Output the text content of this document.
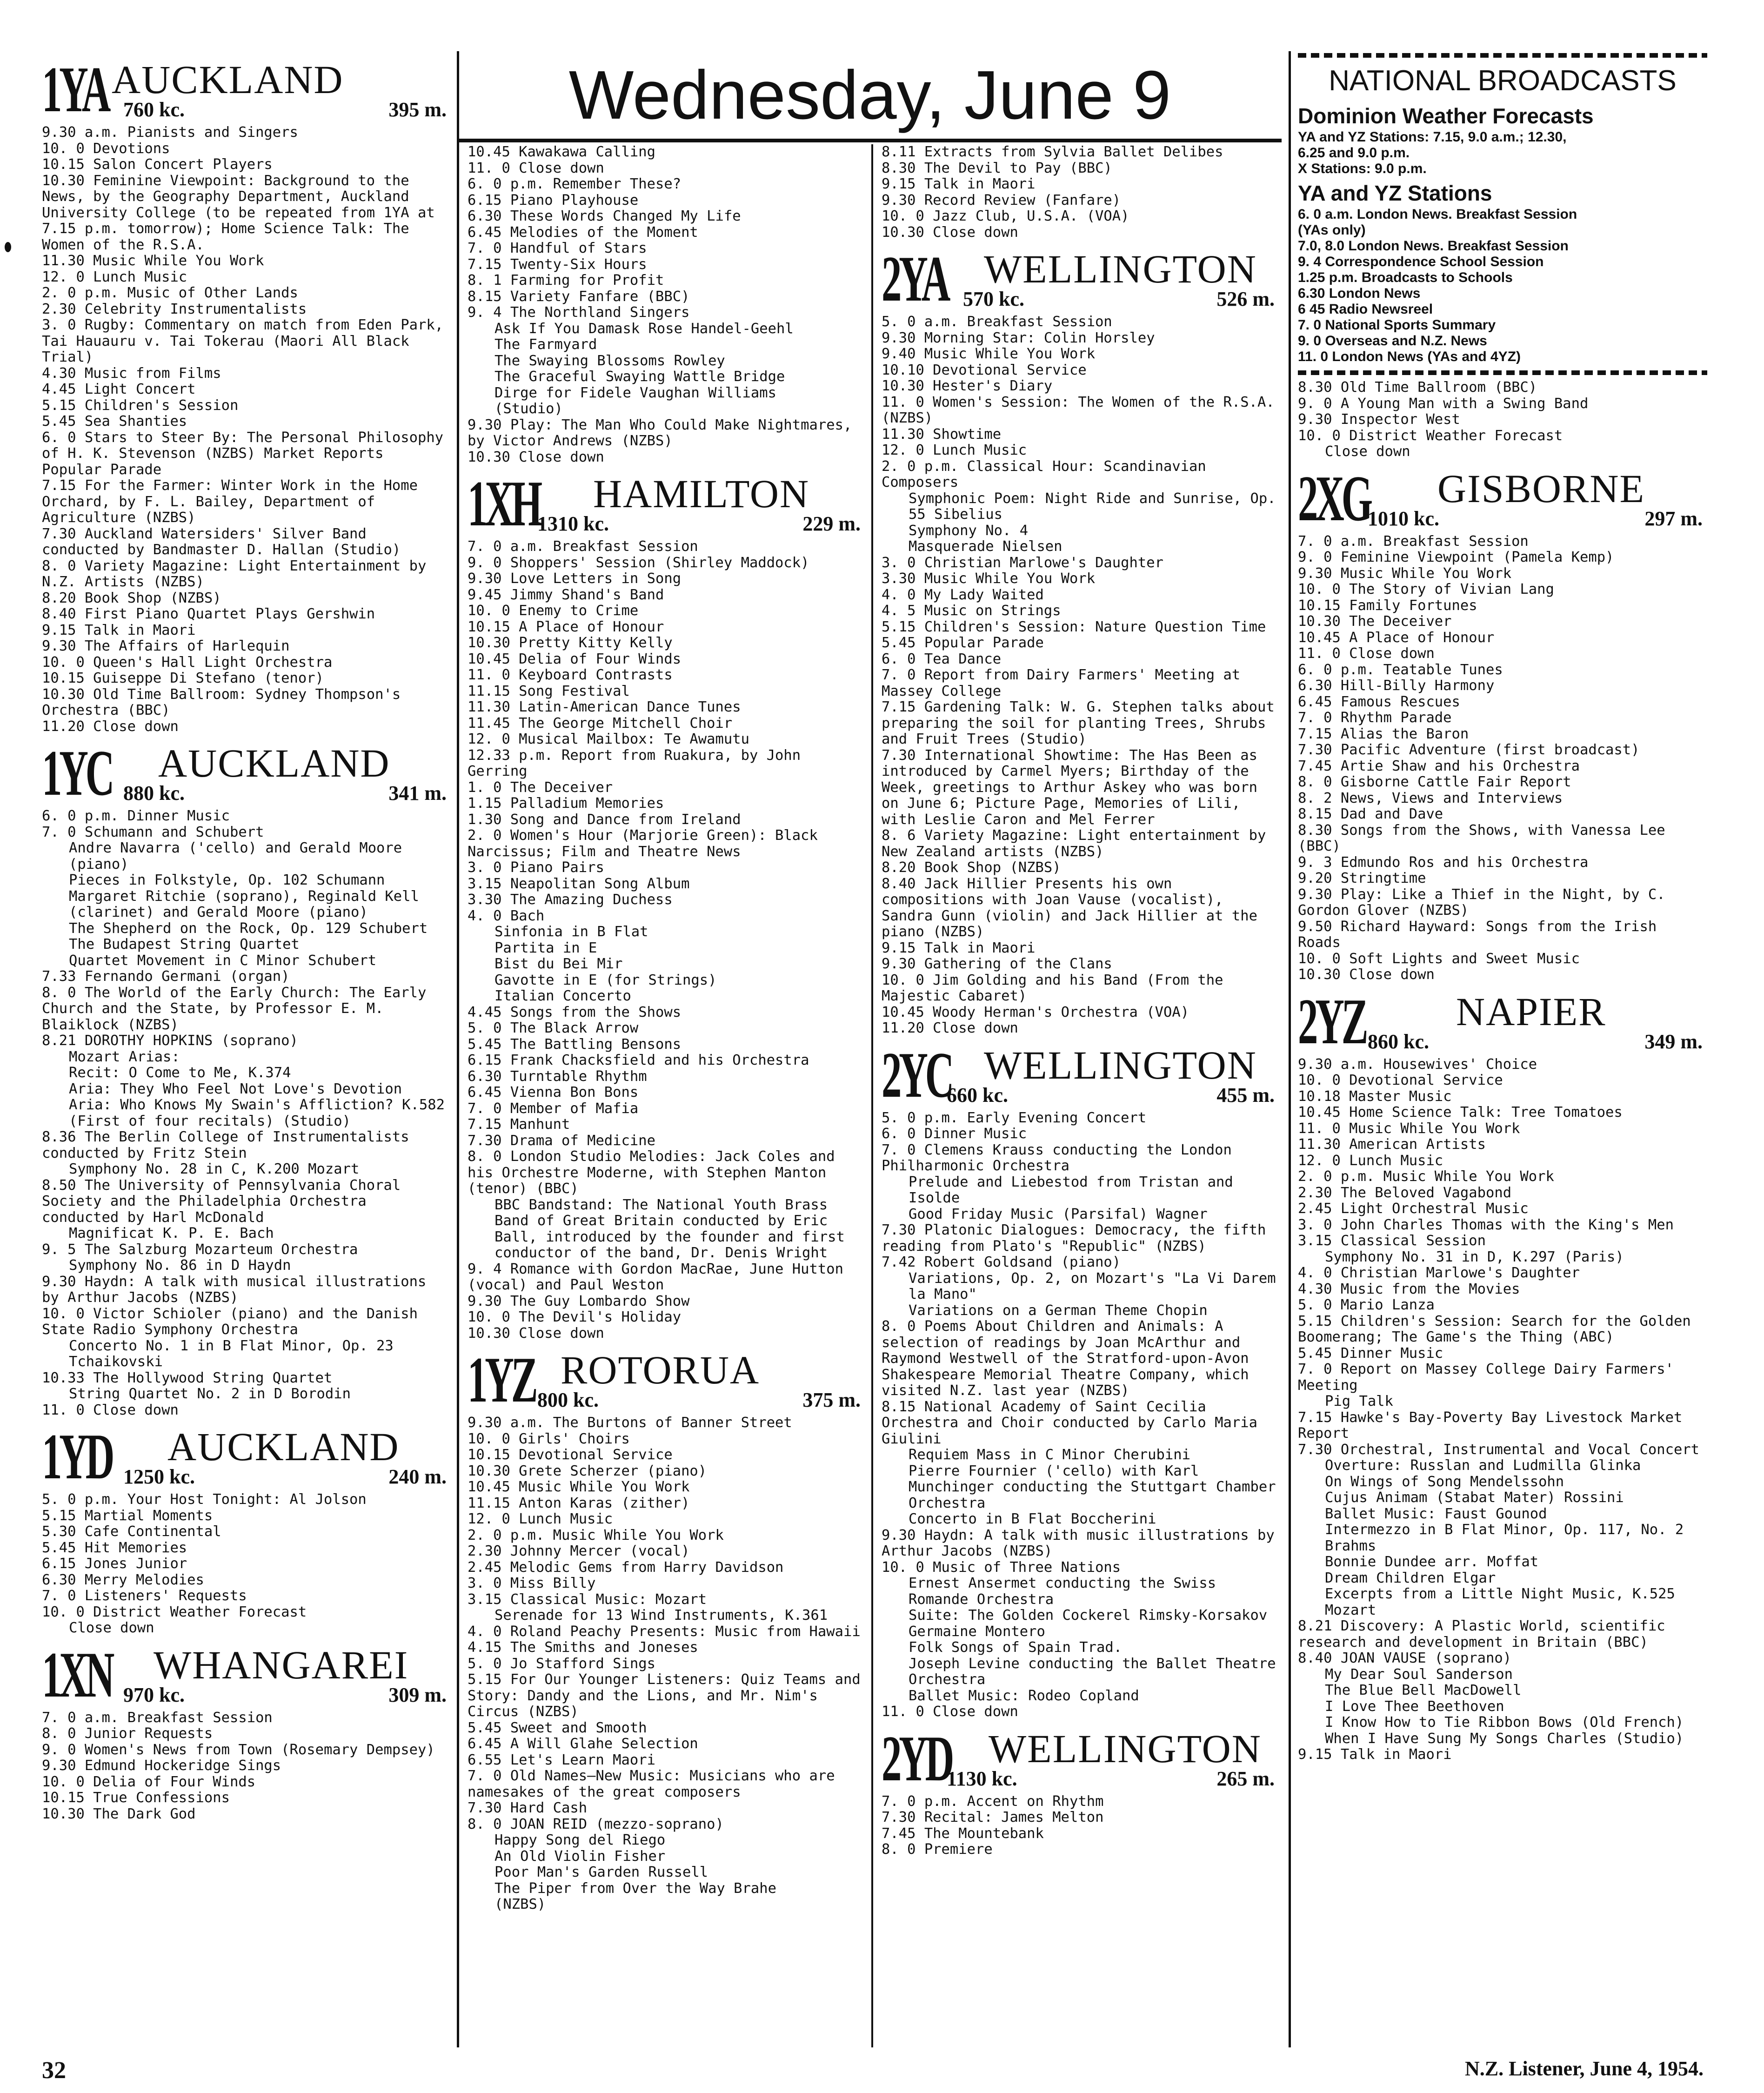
Wednesday, June 9
1YA AUCKLAND
760 kc.	395 m.

9.30 a.m. Pianists and Singers

10. 0 Devotions

10.15 Salon Concert Players

10.30 Feminine Viewpoint: Background to the News, by the Geography Department, Auckland University College (to be repeated from 1YA at 7.15 p.m. tomorrow); Home Science Talk: The Women of the R.S.A.

11.30 Music While You Work

12. 0 Lunch Music

2. 0 p.m. Music of Other Lands

2.30 Celebrity Instrumentalists

3. 0 Rugby: Commentary on match from Eden Park, Tai Hauauru v. Tai Tokerau (Maori All Black Trial)

4.30 Music from Films

4.45 Light Concert

5.15 Children's Session

5.45 Sea Shanties

6. 0 Stars to Steer By: The Personal Philosophy of H. K. Stevenson (NZBS) Market Reports Popular Parade

7.15 For the Farmer: Winter Work in the Home Orchard, by F. L. Bailey, Department of Agriculture (NZBS)

7.30 Auckland Watersiders' Silver Band conducted by Bandmaster D. Hallan (Studio)

8. 0 Variety Magazine: Light Entertainment by N.Z. Artists (NZBS)

8.20 Book Shop (NZBS)

8.40 First Piano Quartet Plays Gershwin

9.15 Talk in Maori

9.30 The Affairs of Harlequin

10. 0 Queen's Hall Light Orchestra

10.15 Guiseppe Di Stefano (tenor)

10.30 Old Time Ballroom: Sydney Thompson's Orchestra (BBC)

11.20 Close down

1YC AUCKLAND
880 kc.	341 m.

6. 0 p.m. Dinner Music

7. 0 Schumann and Schubert

Andre Navarra ('cello) and Gerald Moore (piano)

Pieces in Folkstyle, Op. 102 Schumann

Margaret Ritchie (soprano), Reginald Kell (clarinet) and Gerald Moore (piano)

The Shepherd on the Rock, Op. 129 Schubert

The Budapest String Quartet

Quartet Movement in C Minor Schubert

7.33 Fernando Germani (organ)

8. 0 The World of the Early Church: The Early Church and the State, by Professor E. M. Blaiklock (NZBS)

8.21 DOROTHY HOPKINS (soprano)

Mozart Arias:

Recit: O Come to Me, K.374

Aria: They Who Feel Not Love's Devotion

Aria: Who Knows My Swain's Affliction? K.582

(First of four recitals) (Studio)

8.36 The Berlin College of Instrumentalists conducted by Fritz Stein

Symphony No. 28 in C, K.200 Mozart

8.50 The University of Pennsylvania Choral Society and the Philadelphia Orchestra conducted by Harl McDonald

Magnificat K. P. E. Bach

9. 5 The Salzburg Mozarteum Orchestra

Symphony No. 86 in D Haydn

9.30 Haydn: A talk with musical illustrations by Arthur Jacobs (NZBS)

10. 0 Victor Schioler (piano) and the Danish State Radio Symphony Orchestra

Concerto No. 1 in B Flat Minor, Op. 23 Tchaikovski

10.33 The Hollywood String Quartet

String Quartet No. 2 in D Borodin

11. 0 Close down

1YD AUCKLAND
1250 kc.	240 m.

5. 0 p.m. Your Host Tonight: Al Jolson

5.15 Martial Moments

5.30 Cafe Continental

5.45 Hit Memories

6.15 Jones Junior

6.30 Merry Melodies

7. 0 Listeners' Requests

10. 0 District Weather Forecast

Close down

1XN WHANGAREI
970 kc.	309 m.

7. 0 a.m. Breakfast Session

8. 0 Junior Requests

9. 0 Women's News from Town (Rosemary Dempsey)

9.30 Edmund Hockeridge Sings

10. 0 Delia of Four Winds

10.15 True Confessions

10.30 The Dark God

10.45 Kawakawa Calling

11. 0 Close down

6. 0 p.m. Remember These?

6.15 Piano Playhouse

6.30 These Words Changed My Life

6.45 Melodies of the Moment

7. 0 Handful of Stars

7.15 Twenty-Six Hours

8. 1 Farming for Profit

8.15 Variety Fanfare (BBC)

9. 4 The Northland Singers

Ask If You Damask Rose Handel-Geehl

The Farmyard

The Swaying Blossoms Rowley

The Graceful Swaying Wattle Bridge

Dirge for Fidele Vaughan Williams

(Studio)

9.30 Play: The Man Who Could Make Nightmares, by Victor Andrews (NZBS)

10.30 Close down

1XH HAMILTON
1310 kc.	229 m.

7. 0 a.m. Breakfast Session

9. 0 Shoppers' Session (Shirley Maddock)

9.30 Love Letters in Song

9.45 Jimmy Shand's Band

10. 0 Enemy to Crime

10.15 A Place of Honour

10.30 Pretty Kitty Kelly

10.45 Delia of Four Winds

11. 0 Keyboard Contrasts

11.15 Song Festival

11.30 Latin-American Dance Tunes

11.45 The George Mitchell Choir

12. 0 Musical Mailbox: Te Awamutu

12.33 p.m. Report from Ruakura, by John Gerring

1. 0 The Deceiver

1.15 Palladium Memories

1.30 Song and Dance from Ireland

2. 0 Women's Hour (Marjorie Green): Black Narcissus; Film and Theatre News

3. 0 Piano Pairs

3.15 Neapolitan Song Album

3.30 The Amazing Duchess

4. 0 Bach

Sinfonia in B Flat

Partita in E

Bist du Bei Mir

Gavotte in E (for Strings)

Italian Concerto

4.45 Songs from the Shows

5. 0 The Black Arrow

5.45 The Battling Bensons

6.15 Frank Chacksfield and his Orchestra

6.30 Turntable Rhythm

6.45 Vienna Bon Bons

7. 0 Member of Mafia

7.15 Manhunt

7.30 Drama of Medicine

8. 0 London Studio Melodies: Jack Coles and his Orchestre Moderne, with Stephen Manton (tenor) (BBC)

BBC Bandstand: The National Youth Brass Band of Great Britain conducted by Eric Ball, introduced by the founder and first conductor of the band, Dr. Denis Wright

9. 4 Romance with Gordon MacRae, June Hutton (vocal) and Paul Weston

9.30 The Guy Lombardo Show

10. 0 The Devil's Holiday

10.30 Close down

1YZ ROTORUA
800 kc.	375 m.

9.30 a.m. The Burtons of Banner Street

10. 0 Girls' Choirs

10.15 Devotional Service

10.30 Grete Scherzer (piano)

10.45 Music While You Work

11.15 Anton Karas (zither)

12. 0 Lunch Music

2. 0 p.m. Music While You Work

2.30 Johnny Mercer (vocal)

2.45 Melodic Gems from Harry Davidson

3. 0 Miss Billy

3.15 Classical Music: Mozart

Serenade for 13 Wind Instruments, K.361

4. 0 Roland Peachy Presents: Music from Hawaii

4.15 The Smiths and Joneses

5. 0 Jo Stafford Sings

5.15 For Our Younger Listeners: Quiz Teams and Story: Dandy and the Lions, and Mr. Nim's Circus (NZBS)

5.45 Sweet and Smooth

6.45 A Will Glahe Selection

6.55 Let's Learn Maori

7. 0 Old Names—New Music: Musicians who are namesakes of the great composers

7.30 Hard Cash

8. 0 JOAN REID (mezzo-soprano)

Happy Song del Riego

An Old Violin Fisher

Poor Man's Garden Russell

The Piper from Over the Way Brahe

(NZBS)

8.11 Extracts from Sylvia Ballet Delibes

8.30 The Devil to Pay (BBC)

9.15 Talk in Maori

9.30 Record Review (Fanfare)

10. 0 Jazz Club, U.S.A. (VOA)

10.30 Close down

2YA WELLINGTON
570 kc.	526 m.

5. 0 a.m. Breakfast Session

9.30 Morning Star: Colin Horsley

9.40 Music While You Work

10.10 Devotional Service

10.30 Hester's Diary

11. 0 Women's Session: The Women of the R.S.A. (NZBS)

11.30 Showtime

12. 0 Lunch Music

2. 0 p.m. Classical Hour: Scandinavian Composers

Symphonic Poem: Night Ride and Sunrise, Op. 55 Sibelius

Symphony No. 4

Masquerade Nielsen

3. 0 Christian Marlowe's Daughter

3.30 Music While You Work

4. 0 My Lady Waited

4. 5 Music on Strings

5.15 Children's Session: Nature Question Time

5.45 Popular Parade

6. 0 Tea Dance

7. 0 Report from Dairy Farmers' Meeting at Massey College

7.15 Gardening Talk: W. G. Stephen talks about preparing the soil for planting Trees, Shrubs and Fruit Trees (Studio)

7.30 International Showtime: The Has Been as introduced by Carmel Myers; Birthday of the Week, greetings to Arthur Askey who was born on June 6; Picture Page, Memories of Lili, with Leslie Caron and Mel Ferrer

8. 6 Variety Magazine: Light entertainment by New Zealand artists (NZBS)

8.20 Book Shop (NZBS)

8.40 Jack Hillier Presents his own compositions with Joan Vause (vocalist), Sandra Gunn (violin) and Jack Hillier at the piano (NZBS)

9.15 Talk in Maori

9.30 Gathering of the Clans

10. 0 Jim Golding and his Band (From the Majestic Cabaret)

10.45 Woody Herman's Orchestra (VOA)

11.20 Close down

2YC WELLINGTON
660 kc.	455 m.

5. 0 p.m. Early Evening Concert

6. 0 Dinner Music

7. 0 Clemens Krauss conducting the London Philharmonic Orchestra

Prelude and Liebestod from Tristan and Isolde

Good Friday Music (Parsifal) Wagner

7.30 Platonic Dialogues: Democracy, the fifth reading from Plato's "Republic" (NZBS)

7.42 Robert Goldsand (piano)

Variations, Op. 2, on Mozart's "La Vi Darem la Mano"

Variations on a German Theme Chopin

8. 0 Poems About Children and Animals: A selection of readings by Joan McArthur and Raymond Westwell of the Stratford-upon-Avon Shakespeare Memorial Theatre Company, which visited N.Z. last year (NZBS)

8.15 National Academy of Saint Cecilia Orchestra and Choir conducted by Carlo Maria Giulini

Requiem Mass in C Minor Cherubini

Pierre Fournier ('cello) with Karl Munchinger conducting the Stuttgart Chamber Orchestra

Concerto in B Flat Boccherini

9.30 Haydn: A talk with music illustrations by Arthur Jacobs (NZBS)

10. 0 Music of Three Nations

Ernest Ansermet conducting the Swiss Romande Orchestra

Suite: The Golden Cockerel Rimsky-Korsakov

Germaine Montero

Folk Songs of Spain Trad.

Joseph Levine conducting the Ballet Theatre Orchestra

Ballet Music: Rodeo Copland

11. 0 Close down

2YD WELLINGTON
1130 kc.	265 m.

7. 0 p.m. Accent on Rhythm

7.30 Recital: James Melton

7.45 The Mountebank

8. 0 Premiere

NATIONAL BROADCASTS
Dominion Weather Forecasts

YA and YZ Stations: 7.15, 9.0 a.m.; 12.30,

6.25 and 9.0 p.m.

X Stations: 9.0 p.m.

YA and YZ Stations

6. 0 a.m. London News. Breakfast Session

(YAs only)

7.0, 8.0 London News. Breakfast Session

9. 4 Correspondence School Session

1.25 p.m. Broadcasts to Schools

6.30 London News

6 45 Radio Newsreel

7. 0 National Sports Summary

9. 0 Overseas and N.Z. News

11. 0 London News (YAs and 4YZ)

8.30 Old Time Ballroom (BBC)

9. 0 A Young Man with a Swing Band

9.30 Inspector West

10. 0 District Weather Forecast

Close down

2XG GISBORNE
1010 kc.	297 m.

7. 0 a.m. Breakfast Session

9. 0 Feminine Viewpoint (Pamela Kemp)

9.30 Music While You Work

10. 0 The Story of Vivian Lang

10.15 Family Fortunes

10.30 The Deceiver

10.45 A Place of Honour

11. 0 Close down

6. 0 p.m. Teatable Tunes

6.30 Hill-Billy Harmony

6.45 Famous Rescues

7. 0 Rhythm Parade

7.15 Alias the Baron

7.30 Pacific Adventure (first broadcast)

7.45 Artie Shaw and his Orchestra

8. 0 Gisborne Cattle Fair Report

8. 2 News, Views and Interviews

8.15 Dad and Dave

8.30 Songs from the Shows, with Vanessa Lee (BBC)

9. 3 Edmundo Ros and his Orchestra

9.20 Stringtime

9.30 Play: Like a Thief in the Night, by C. Gordon Glover (NZBS)

9.50 Richard Hayward: Songs from the Irish Roads

10. 0 Soft Lights and Sweet Music

10.30 Close down

2YZ NAPIER
860 kc.	349 m.

9.30 a.m. Housewives' Choice

10. 0 Devotional Service

10.18 Master Music

10.45 Home Science Talk: Tree Tomatoes

11. 0 Music While You Work

11.30 American Artists

12. 0 Lunch Music

2. 0 p.m. Music While You Work

2.30 The Beloved Vagabond

2.45 Light Orchestral Music

3. 0 John Charles Thomas with the King's Men

3.15 Classical Session

Symphony No. 31 in D, K.297 (Paris)

4. 0 Christian Marlowe's Daughter

4.30 Music from the Movies

5. 0 Mario Lanza

5.15 Children's Session: Search for the Golden Boomerang; The Game's the Thing (ABC)

5.45 Dinner Music

7. 0 Report on Massey College Dairy Farmers' Meeting

Pig Talk

7.15 Hawke's Bay-Poverty Bay Livestock Market Report

7.30 Orchestral, Instrumental and Vocal Concert

Overture: Russlan and Ludmilla Glinka

On Wings of Song Mendelssohn

Cujus Animam (Stabat Mater) Rossini

Ballet Music: Faust Gounod

Intermezzo in B Flat Minor, Op. 117, No. 2 Brahms

Bonnie Dundee arr. Moffat

Dream Children Elgar

Excerpts from a Little Night Music, K.525 Mozart

8.21 Discovery: A Plastic World, scientific research and development in Britain (BBC)

8.40 JOAN VAUSE (soprano)

My Dear Soul Sanderson

The Blue Bell MacDowell

I Love Thee Beethoven

I Know How to Tie Ribbon Bows (Old French)

When I Have Sung My Songs Charles (Studio)

9.15 Talk in Maori

32	N.Z. Listener, June 4, 1954.
